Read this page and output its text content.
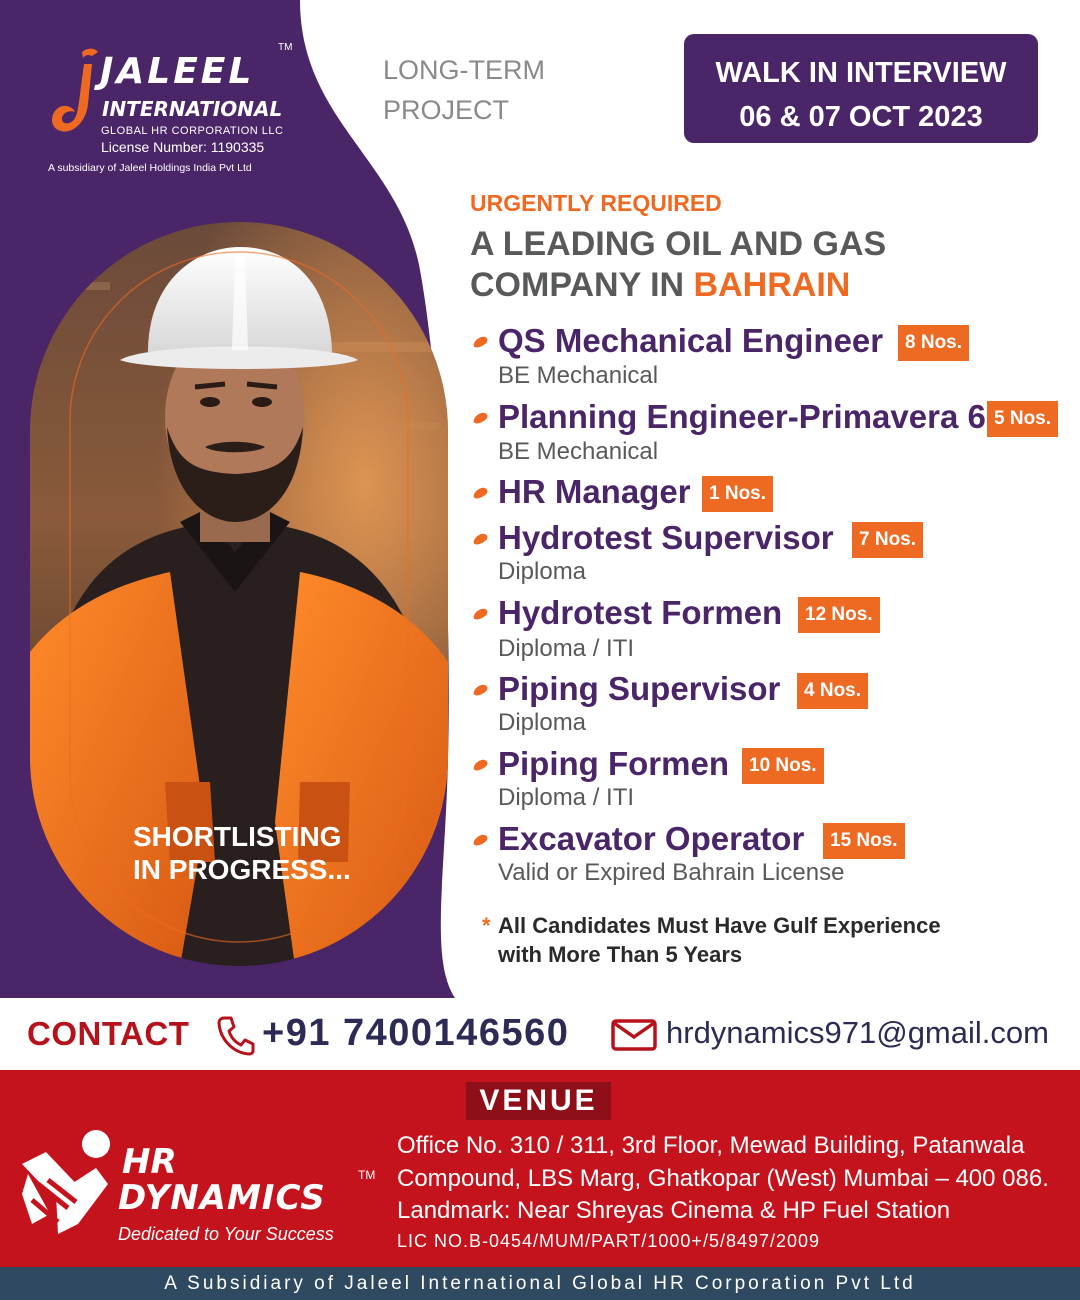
JALEEL
TM
INTERNATIONAL
GLOBAL HR CORPORATION LLC
License Number: 1190335
A subsidiary of Jaleel Holdings India Pvt Ltd
SHORTLISTING
IN PROGRESS...
LONG-TERM
PROJECT
WALK IN INTERVIEW
06 & 07 OCT 2023
URGENTLY REQUIRED
A LEADING OIL AND GAS
COMPANY IN BAHRAIN
QS Mechanical Engineer	8 Nos.
BE Mechanical
Planning Engineer-Primavera 6 5 Nos.
BE Mechanical
HR Manager 1 Nos.
Hydrotest Supervisor	7 Nos.
Diploma
Hydrotest Formen	12 Nos.
Diploma / ITI
Piping Supervisor	4 Nos.
Diploma
Piping Formen	10 Nos.
Diploma / ITI
Excavator Operator	15 Nos.
Valid or Expired Bahrain License
* All Candidates Must Have Gulf Experience
with More Than 5 Years
CONTACT +91 7400146560	hrdynamics971@gmail.com
VENUE
HR
DYNAMICS
TM
Dedicated to Your Success
Office No. 310 / 311, 3rd Floor, Mewad Building, Patanwala
Compound, LBS Marg, Ghatkopar (West) Mumbai – 400 086.
Landmark: Near Shreyas Cinema & HP Fuel Station
LIC NO.B-0454/MUM/PART/1000+/5/8497/2009
A Subsidiary of Jaleel International Global HR Corporation Pvt Ltd
